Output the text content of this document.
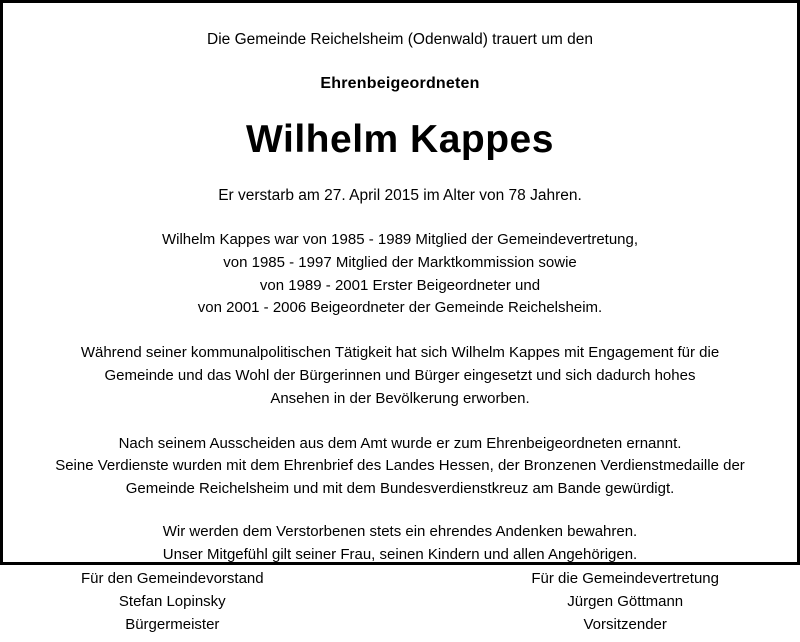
Die Gemeinde Reichelsheim (Odenwald) trauert um den
Ehrenbeigeordneten
Wilhelm Kappes
Er verstarb am 27. April 2015 im Alter von 78 Jahren.

Wilhelm Kappes war von 1985 - 1989 Mitglied der Gemeindevertretung,

von 1985 - 1997 Mitglied der Marktkommission sowie

von 1989 - 2001 Erster Beigeordneter und

von 2001 - 2006 Beigeordneter der Gemeinde Reichelsheim.

Während seiner kommunalpolitischen Tätigkeit hat sich Wilhelm Kappes mit Engagement für die

Gemeinde und das Wohl der Bürgerinnen und Bürger eingesetzt und sich dadurch hohes

Ansehen in der Bevölkerung erworben.

Nach seinem Ausscheiden aus dem Amt wurde er zum Ehrenbeigeordneten ernannt.

Seine Verdienste wurden mit dem Ehrenbrief des Landes Hessen, der Bronzenen Verdienstmedaille der

Gemeinde Reichelsheim und mit dem Bundesverdienstkreuz am Bande gewürdigt.

Wir werden dem Verstorbenen stets ein ehrendes Andenken bewahren.

Unser Mitgefühl gilt seiner Frau, seinen Kindern und allen Angehörigen.

Für den Gemeindevorstand
Stefan Lopinsky
Bürgermeister
Für die Gemeindevertretung
Jürgen Göttmann
Vorsitzender
